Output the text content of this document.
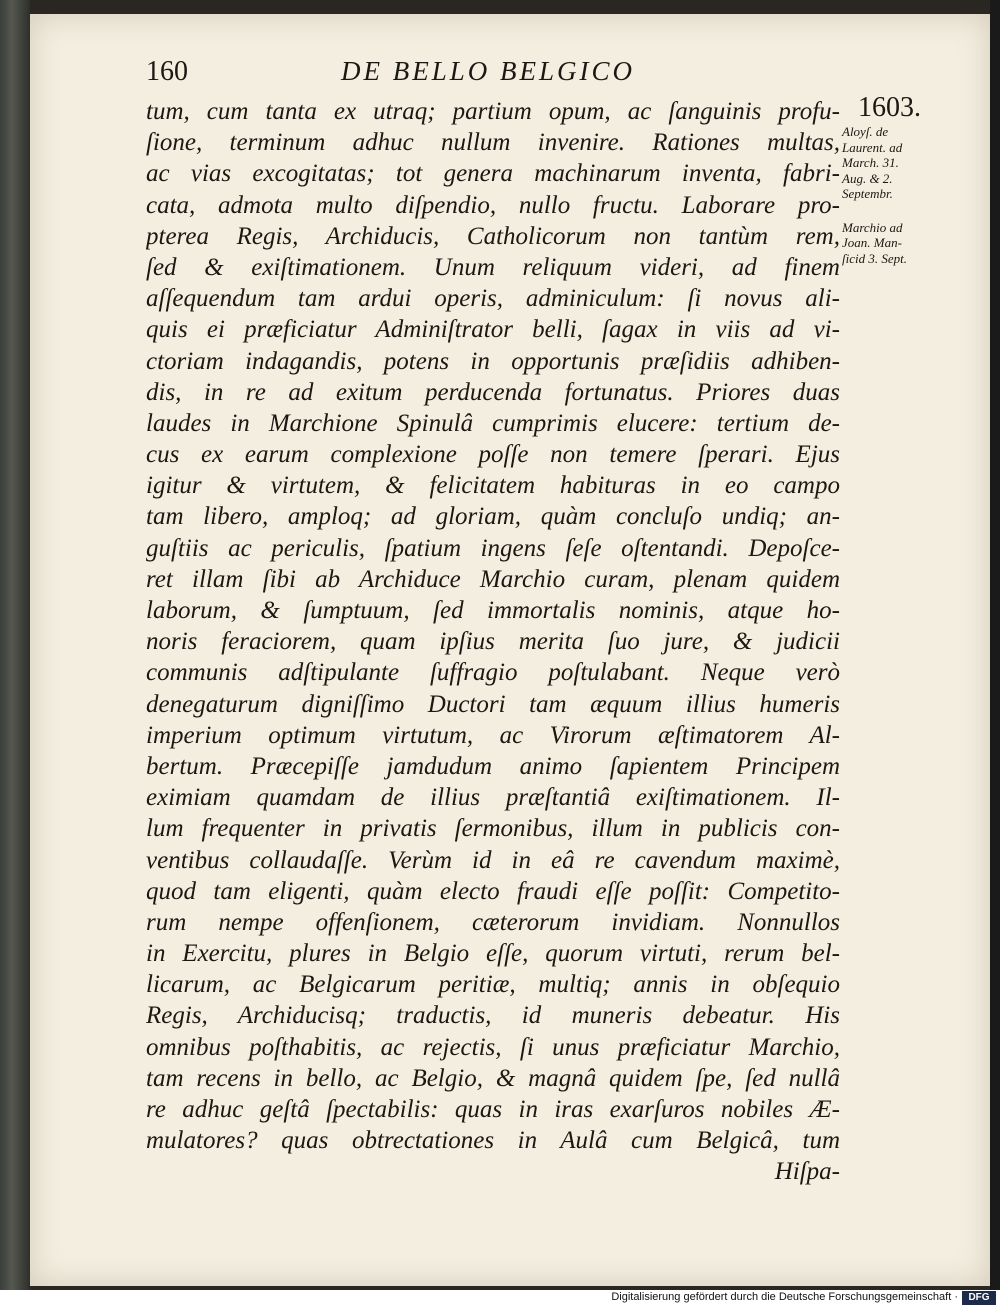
160	DE BELLO BELGICO
1603.
tum, cum tanta ex utraq; partium opum, ac ſanguinis profu-
ſione, terminum adhuc nullum invenire. Rationes multas,
ac vias excogitatas; tot genera machinarum inventa, fabri-
cata, admota multo diſpendio, nullo fructu. Laborare pro-
pterea Regis, Archiducis, Catholicorum non tantùm rem,
ſed & exiſtimationem. Unum reliquum videri, ad finem
aſſequendum tam ardui operis, adminiculum: ſi novus ali-
quis ei præficiatur Adminiſtrator belli, ſagax in viis ad vi-
ctoriam indagandis, potens in opportunis præſidiis adhiben-
dis, in re ad exitum perducenda fortunatus. Priores duas
laudes in Marchione Spinulâ cumprimis elucere: tertium de-
cus ex earum complexione poſſe non temere ſperari. Ejus
igitur & virtutem, & felicitatem habituras in eo campo
tam libero, amploq; ad gloriam, quàm concluſo undiq; an-
guſtiis ac periculis, ſpatium ingens ſeſe oſtentandi. Depoſce-
ret illam ſibi ab Archiduce Marchio curam, plenam quidem
laborum, & ſumptuum, ſed immortalis nominis, atque ho-
noris feraciorem, quam ipſius merita ſuo jure, & judicii
communis adſtipulante ſuffragio poſtulabant. Neque verò
denegaturum digniſſimo Ductori tam æquum illius humeris
imperium optimum virtutum, ac Virorum æſtimatorem Al-
bertum. Præcepiſſe jamdudum animo ſapientem Principem
eximiam quamdam de illius præſtantiâ exiſtimationem. Il-
lum frequenter in privatis ſermonibus, illum in publicis con-
ventibus collaudaſſe. Verùm id in eâ re cavendum maximè,
quod tam eligenti, quàm electo fraudi eſſe poſſit: Competito-
rum nempe offenſionem, cæterorum invidiam. Nonnullos
in Exercitu, plures in Belgio eſſe, quorum virtuti, rerum bel-
licarum, ac Belgicarum peritiæ, multiq; annis in obſequio
Regis, Archiducisq; traductis, id muneris debeatur. His
omnibus poſthabitis, ac rejectis, ſi unus præficiatur Marchio,
tam recens in bello, ac Belgio, & magnâ quidem ſpe, ſed nullâ
re adhuc geſtâ ſpectabilis: quas in iras exarſuros nobiles Æ-
mulatores? quas obtrectationes in Aulâ cum Belgicâ, tum
Hiſpa-
Aloyſ. de
Laurent. ad
March. 31.
Aug. & 2.
Septembr.
Marchio ad
Joan. Man-
ſicid 3. Sept.
Digitalisierung gefördert durch die Deutsche Forschungsgemeinschaft ·	DFG
